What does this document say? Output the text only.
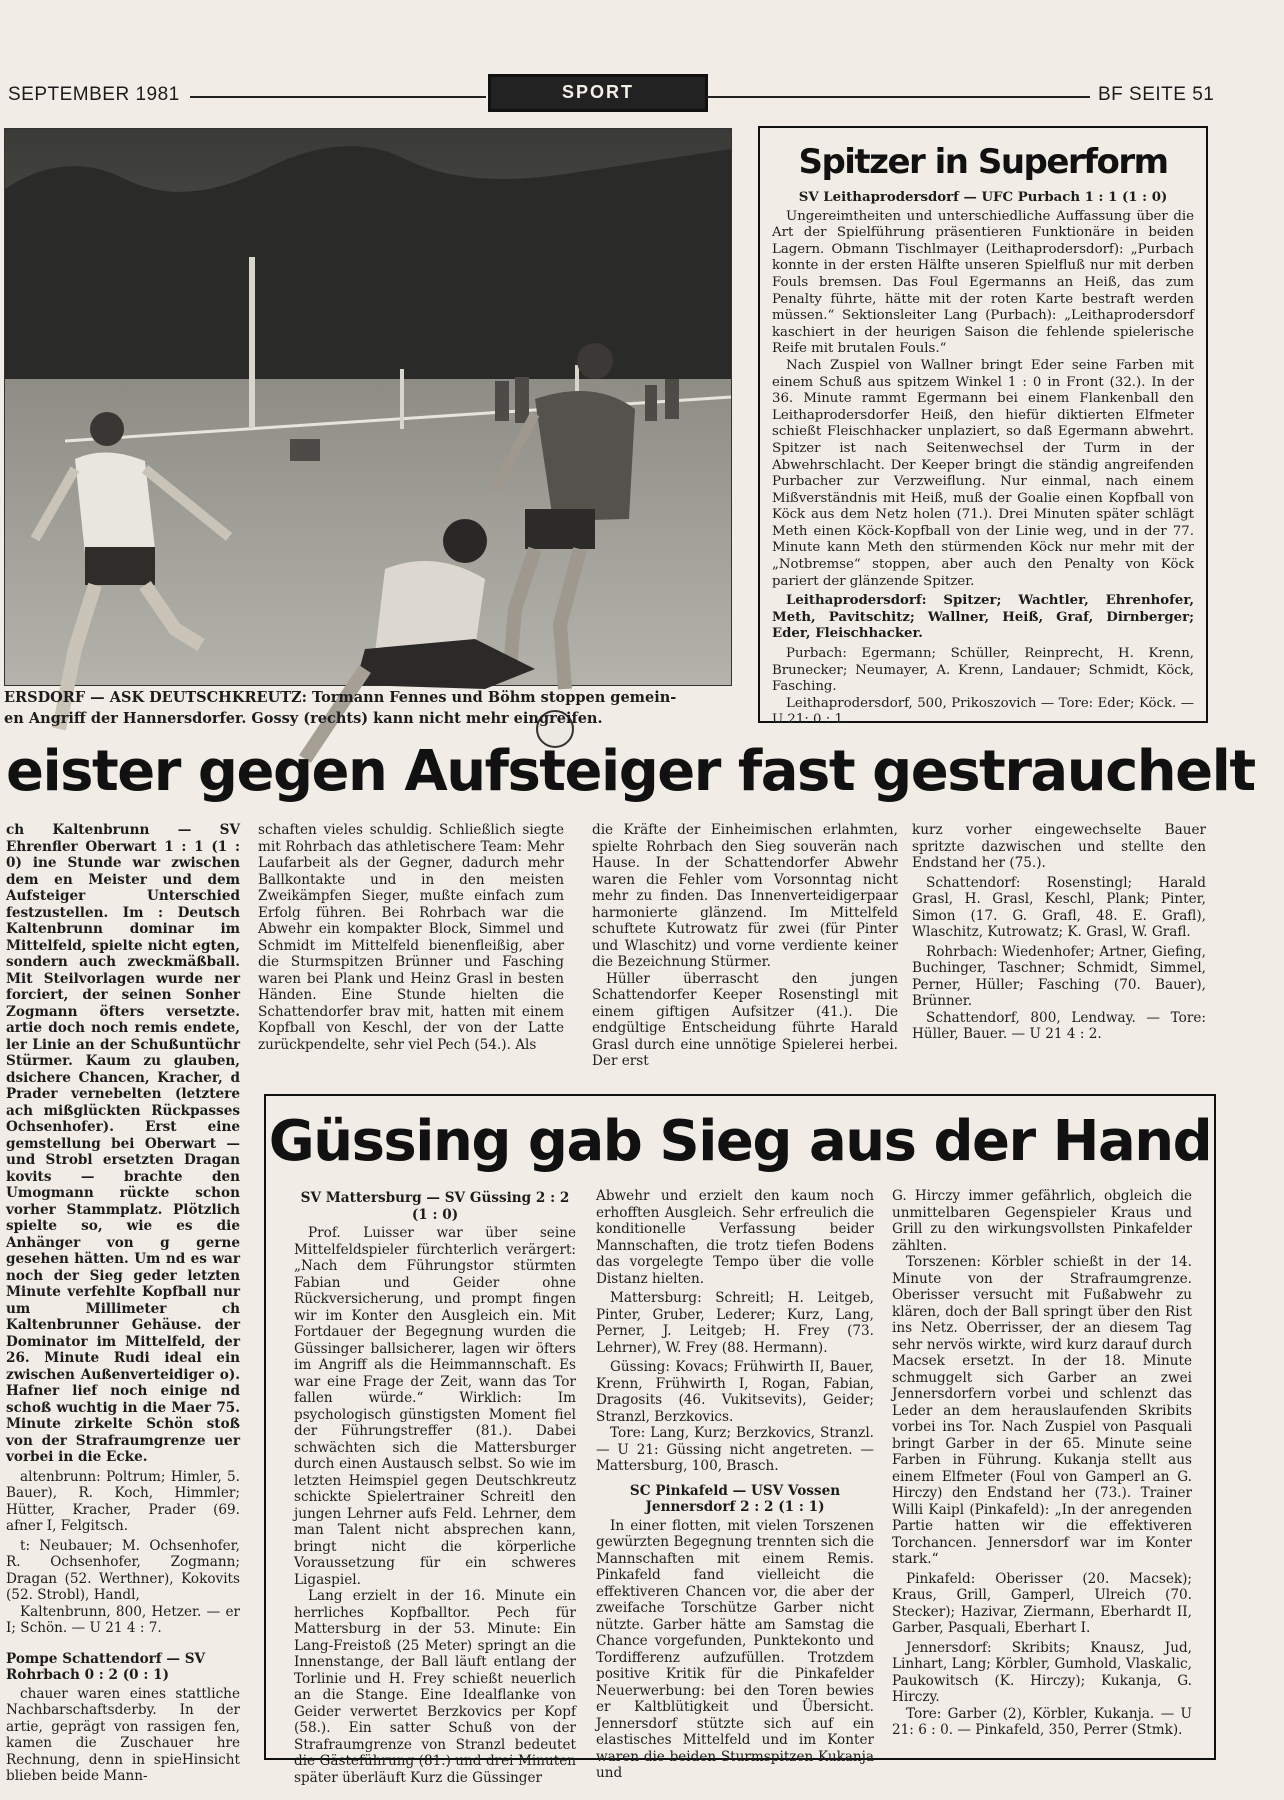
SEPTEMBER 1981	SPORT	BF SEITE 51
ERSDORF — ASK DEUTSCHKREUTZ: Tormann Fennes und Böhm stoppen gemein-
en Angriff der Hannersdorfer. Gossy (rechts) kann nicht mehr eingreifen.
Spitzer in Superform

SV Leithaprodersdorf — UFC Purbach 1 : 1 (1 : 0)

Ungereimtheiten und unterschiedliche Auffassung über die Art der Spielführung präsentieren Funktionäre in beiden Lagern. Obmann Tischlmayer (Leithaprodersdorf): „Purbach konnte in der ersten Hälfte unseren Spielfluß nur mit derben Fouls bremsen. Das Foul Egermanns an Heiß, das zum Penalty führte, hätte mit der roten Karte bestraft werden müssen.“ Sektionsleiter Lang (Purbach): „Leithaprodersdorf kaschiert in der heurigen Saison die fehlende spielerische Reife mit brutalen Fouls.“

Nach Zuspiel von Wallner bringt Eder seine Farben mit einem Schuß aus spitzem Winkel 1 : 0 in Front (32.). In der 36. Minute rammt Egermann bei einem Flankenball den Leithaprodersdorfer Heiß, den hiefür diktierten Elfmeter schießt Fleischhacker unplaziert, so daß Egermann abwehrt. Spitzer ist nach Seitenwechsel der Turm in der Abwehrschlacht. Der Keeper bringt die ständig angreifenden Purbacher zur Verzweiflung. Nur einmal, nach einem Mißverständnis mit Heiß, muß der Goalie einen Kopfball von Köck aus dem Netz holen (71.). Drei Minuten später schlägt Meth einen Köck-Kopfball von der Linie weg, und in der 77. Minute kann Meth den stürmenden Köck nur mehr mit der „Notbremse“ stoppen, aber auch den Penalty von Köck pariert der glänzende Spitzer.

Leithaprodersdorf: Spitzer; Wachtler, Ehrenhofer, Meth, Pavitschitz; Wallner, Heiß, Graf, Dirnberger; Eder, Fleischhacker.

Purbach: Egermann; Schüller, Reinprecht, H. Krenn, Brunecker; Neumayer, A. Krenn, Landauer; Schmidt, Köck, Fasching.

Leithaprodersdorf, 500, Prikoszovich — Tore: Eder; Köck. — U 21: 0 : 1.

eister gegen Aufsteiger fast gestrauchelt

ch Kaltenbrunn — SV Ehrenfler Oberwart 1 : 1 (1 : 0) ine Stunde war zwischen dem en Meister und dem Aufsteiger Unterschied festzustellen. Im : Deutsch Kaltenbrunn dominar im Mittelfeld, spielte nicht egten, sondern auch zweckmäßball. Mit Steilvorlagen wurde ner forciert, der seinen Sonher Zogmann öfters versetzte. artie doch noch remis endete, ler Linie an der Schußuntüchr Stürmer. Kaum zu glauben, dsichere Chancen, Kracher, d Prader vernebelten (letztere ach mißglückten Rückpasses Ochsenhofer). Erst eine gemstellung bei Oberwart — und Strobl ersetzten Dragan kovits — brachte den Umogmann rückte schon vorher Stammplatz. Plötzlich spielte so, wie es die Anhänger von g gerne gesehen hätten. Um nd es war noch der Sieg geder letzten Minute verfehlte Kopfball nur um Millimeter ch Kaltenbrunner Gehäuse. der Dominator im Mittelfeld, der 26. Minute Rudi ideal ein zwischen Außenverteidiger o). Hafner lief noch einige nd schoß wuchtig in die Maer 75. Minute zirkelte Schön stoß von der Strafraumgrenze uer vorbei in die Ecke.

altenbrunn: Poltrum; Himler, 5. Bauer), R. Koch, Himmler; Hütter, Kracher, Prader (69. afner I, Felgitsch.

t: Neubauer; M. Ochsenhofer, R. Ochsenhofer, Zogmann; Dragan (52. Werthner), Kokovits (52. Strobl), Handl,

Kaltenbrunn, 800, Hetzer. — er I; Schön. — U 21 4 : 7.

Pompe Schattendorf — SV Rohrbach 0 : 2 (0 : 1)

chauer waren eines stattliche Nachbarschaftsderby. In der artie, geprägt von rassigen fen, kamen die Zuschauer hre Rechnung, denn in spieHinsicht blieben beide Mann-

schaften vieles schuldig. Schließlich siegte mit Rohrbach das athletischere Team: Mehr Laufarbeit als der Gegner, dadurch mehr Ballkontakte und in den meisten Zweikämpfen Sieger, mußte einfach zum Erfolg führen. Bei Rohrbach war die Abwehr ein kompakter Block, Simmel und Schmidt im Mittelfeld bienenfleißig, aber die Sturmspitzen Brünner und Fasching waren bei Plank und Heinz Grasl in besten Händen. Eine Stunde hielten die Schattendorfer brav mit, hatten mit einem Kopfball von Keschl, der von der Latte zurückpendelte, sehr viel Pech (54.). Als

die Kräfte der Einheimischen erlahmten, spielte Rohrbach den Sieg souverän nach Hause. In der Schattendorfer Abwehr waren die Fehler vom Vorsonntag nicht mehr zu finden. Das Innenverteidigerpaar harmonierte glänzend. Im Mittelfeld schuftete Kutrowatz für zwei (für Pinter und Wlaschitz) und vorne verdiente keiner die Bezeichnung Stürmer.

Hüller überrascht den jungen Schattendorfer Keeper Rosenstingl mit einem giftigen Aufsitzer (41.). Die endgültige Entscheidung führte Harald Grasl durch eine unnötige Spielerei herbei. Der erst

kurz vorher eingewechselte Bauer spritzte dazwischen und stellte den Endstand her (75.).

Schattendorf: Rosenstingl; Harald Grasl, H. Grasl, Keschl, Plank; Pinter, Simon (17. G. Grafl, 48. E. Grafl), Wlaschitz, Kutrowatz; K. Grasl, W. Grafl.

Rohrbach: Wiedenhofer; Artner, Giefing, Buchinger, Taschner; Schmidt, Simmel, Perner, Hüller; Fasching (70. Bauer), Brünner.

Schattendorf, 800, Lendway. — Tore: Hüller, Bauer. — U 21 4 : 2.

Güssing gab Sieg aus der Hand

SV Mattersburg — SV Güssing 2 : 2 (1 : 0)

Prof. Luisser war über seine Mittelfeldspieler fürchterlich verärgert: „Nach dem Führungstor stürmten Fabian und Geider ohne Rückversicherung, und prompt fingen wir im Konter den Ausgleich ein. Mit Fortdauer der Begegnung wurden die Güssinger ballsicherer, lagen wir öfters im Angriff als die Heimmannschaft. Es war eine Frage der Zeit, wann das Tor fallen würde.“ Wirklich: Im psychologisch günstigsten Moment fiel der Führungstreffer (81.). Dabei schwächten sich die Mattersburger durch einen Austausch selbst. So wie im letzten Heimspiel gegen Deutschkreutz schickte Spielertrainer Schreitl den jungen Lehrner aufs Feld. Lehrner, dem man Talent nicht absprechen kann, bringt nicht die körperliche Voraussetzung für ein schweres Ligaspiel.

Lang erzielt in der 16. Minute ein herrliches Kopfballtor. Pech für Mattersburg in der 53. Minute: Ein Lang-Freistoß (25 Meter) springt an die Innenstange, der Ball läuft entlang der Torlinie und H. Frey schießt neuerlich an die Stange. Eine Idealflanke von Geider verwertet Berzkovics per Kopf (58.). Ein satter Schuß von der Strafraumgrenze von Stranzl bedeutet die Gästeführung (81.) und drei Minuten später überläuft Kurz die Güssinger

Abwehr und erzielt den kaum noch erhofften Ausgleich. Sehr erfreulich die konditionelle Verfassung beider Mannschaften, die trotz tiefen Bodens das vorgelegte Tempo über die volle Distanz hielten.

Mattersburg: Schreitl; H. Leitgeb, Pinter, Gruber, Lederer; Kurz, Lang, Perner, J. Leitgeb; H. Frey (73. Lehrner), W. Frey (88. Hermann).

Güssing: Kovacs; Frühwirth II, Bauer, Krenn, Frühwirth I, Rogan, Fabian, Dragosits (46. Vukitsevits), Geider; Stranzl, Berzkovics.

Tore: Lang, Kurz; Berzkovics, Stranzl. — U 21: Güssing nicht angetreten. — Mattersburg, 100, Brasch.

SC Pinkafeld — USV Vossen Jennersdorf 2 : 2 (1 : 1)

In einer flotten, mit vielen Torszenen gewürzten Begegnung trennten sich die Mannschaften mit einem Remis. Pinkafeld fand vielleicht die effektiveren Chancen vor, die aber der zweifache Torschütze Garber nicht nützte. Garber hätte am Samstag die Chance vorgefunden, Punktekonto und Tordifferenz aufzufüllen. Trotzdem positive Kritik für die Pinkafelder Neuerwerbung: bei den Toren bewies er Kaltblütigkeit und Übersicht. Jennersdorf stützte sich auf ein elastisches Mittelfeld und im Konter waren die beiden Sturmspitzen Kukanja und

G. Hirczy immer gefährlich, obgleich die unmittelbaren Gegenspieler Kraus und Grill zu den wirkungsvollsten Pinkafelder zählten.

Torszenen: Körbler schießt in der 14. Minute von der Strafraumgrenze. Oberisser versucht mit Fußabwehr zu klären, doch der Ball springt über den Rist ins Netz. Oberrisser, der an diesem Tag sehr nervös wirkte, wird kurz darauf durch Macsek ersetzt. In der 18. Minute schmuggelt sich Garber an zwei Jennersdorfern vorbei und schlenzt das Leder an dem herauslaufenden Skribits vorbei ins Tor. Nach Zuspiel von Pasquali bringt Garber in der 65. Minute seine Farben in Führung. Kukanja stellt aus einem Elfmeter (Foul von Gamperl an G. Hirczy) den Endstand her (73.). Trainer Willi Kaipl (Pinkafeld): „In der anregenden Partie hatten wir die effektiveren Torchancen. Jennersdorf war im Konter stark.“

Pinkafeld: Oberisser (20. Macsek); Kraus, Grill, Gamperl, Ulreich (70. Stecker); Hazivar, Ziermann, Eberhardt II, Garber, Pasquali, Eberhart I.

Jennersdorf: Skribits; Knausz, Jud, Linhart, Lang; Körbler, Gumhold, Vlaskalic, Paukowitsch (K. Hirczy); Kukanja, G. Hirczy.

Tore: Garber (2), Körbler, Kukanja. — U 21: 6 : 0. — Pinkafeld, 350, Perrer (Stmk).
